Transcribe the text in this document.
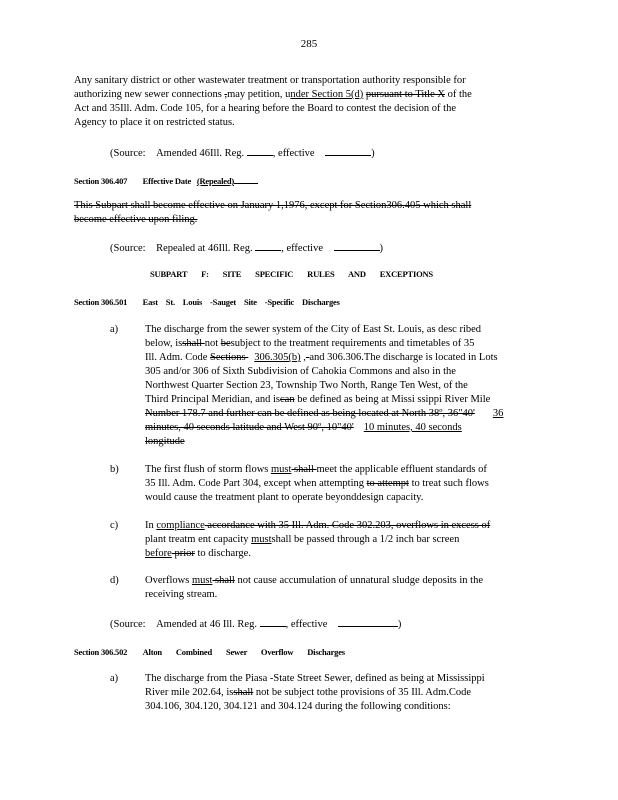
285
Any sanitary district or other wastewater treatment or transportation authority responsible for
authorizing new sewer connections ,may petition, under Section 5(d) pursuant to Title X of the
Act and 35Ill. Adm. Code 105, for a hearing before the Board to contest the decision of the
Agency to place it on restricted status.
(Source: Amended 46Ill. Reg.	, effective	)
Section 306.407 Effective Date (Repealed)
This Subpart shall become effective on January 1,1976, except for Section306.405 which shall
become effective upon filing.
(Source: Repealed at 46Ill. Reg.	, effective	)
SUBPART F: SITE SPECIFIC RULES AND EXCEPTIONS
Section 306.501 East St. Louis -Sauget Site -Specific Discharges
a)	The discharge from the sewer system of the City of East St. Louis, as desc ribed
below, isshall not besubject to the treatment requirements and timetables of 35
Ill. Adm. Code Sections 306.305(b) ,-and 306.306.The discharge is located in Lots
305 and/or 306 of Sixth Subdivision of Cahokia Commons and also in the
Northwest Quarter Section 23, Township Two North, Range Ten West, of the
Third Principal Meridian, and iscan be defined as being at Missi ssippi River Mile
Number 178.7 and further can be defined as being located at North 38º, 36"40' 36
minutes, 40 seconds latitude and West 90º, 10"40' 10 minutes, 40 seconds
longitude
b)	The first flush of storm flows must shall meet the applicable effluent standards of
35 Ill. Adm. Code Part 304, except when attempting to attempt to treat such flows
would cause the treatment plant to operate beyonddesign capacity.
c)	In compliance accordance with 35 Ill. Adm. Code 302.203, overflows in excess of
plant treatm ent capacity mustshall be passed through a 1/2 inch bar screen
before prior to discharge.
d)	Overflows must shall not cause accumulation of unnatural sludge deposits in the
receiving stream.
(Source: Amended at 46 Ill. Reg.	, effective	)
Section 306.502 Alton Combined Sewer Overflow Discharges
a)	The discharge from the Piasa -State Street Sewer, defined as being at Mississippi
River mile 202.64, isshall not be subject tothe provisions of 35 Ill. Adm.Code
304.106, 304.120, 304.121 and 304.124 during the following conditions:
